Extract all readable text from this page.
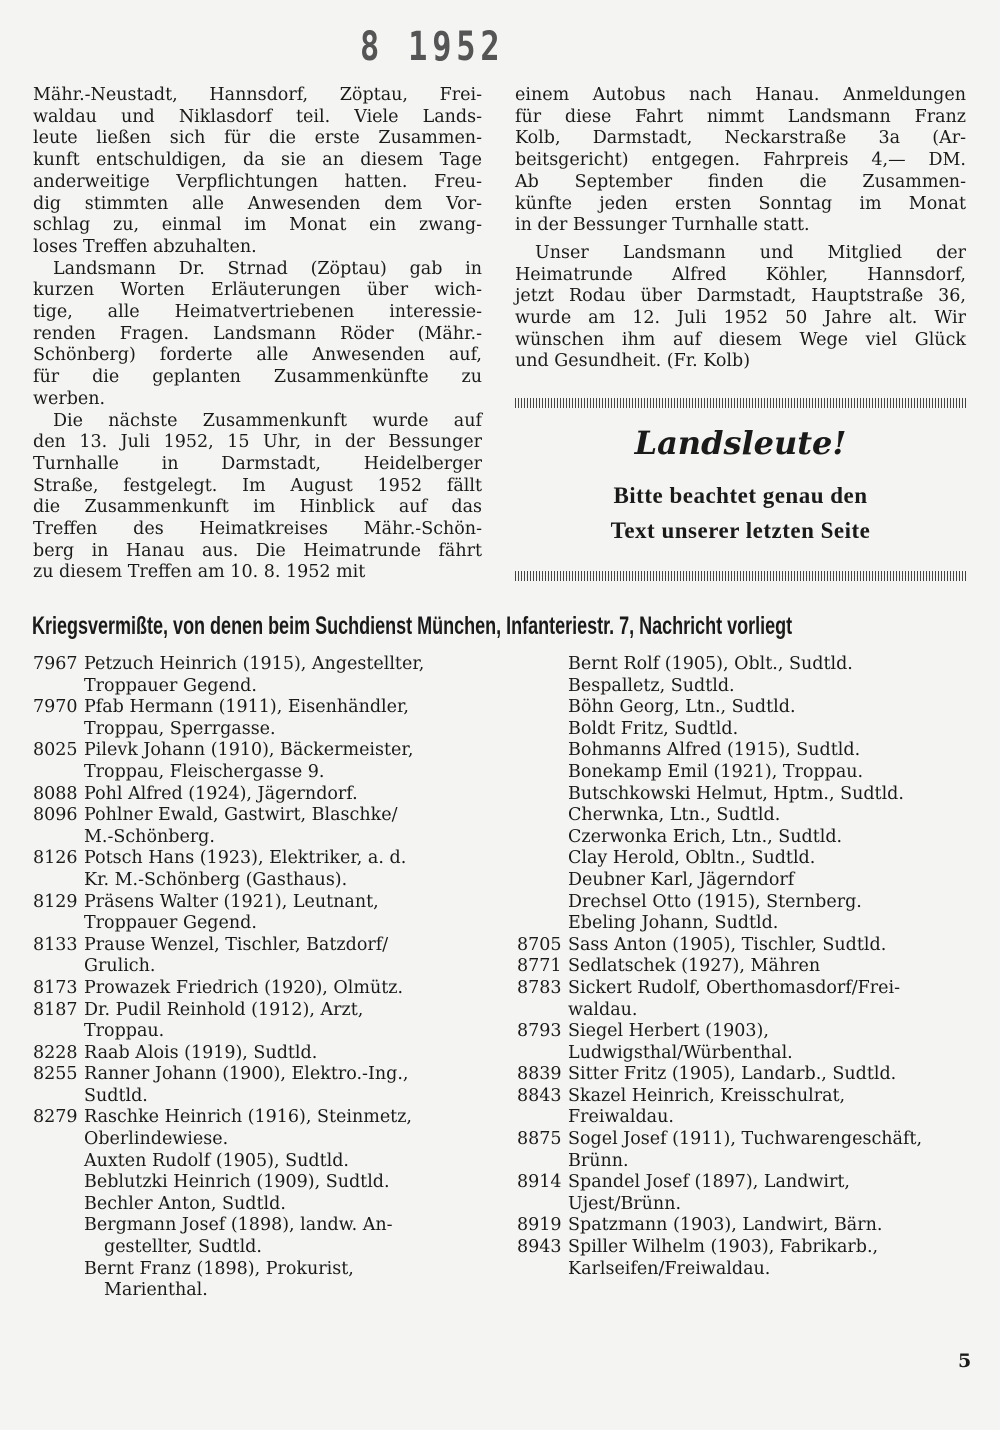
8 1952
Mähr.-Neustadt, Hannsdorf, Zöptau, Frei-
waldau und Niklasdorf teil. Viele Lands-
leute ließen sich für die erste Zusammen-
kunft entschuldigen, da sie an diesem Tage
anderweitige Verpflichtungen hatten. Freu-
dig stimmten alle Anwesenden dem Vor-
schlag zu, einmal im Monat ein zwang-
loses Treffen abzuhalten.
Landsmann Dr. Strnad (Zöptau) gab in
kurzen Worten Erläuterungen über wich-
tige, alle Heimatvertriebenen interessie-
renden Fragen. Landsmann Röder (Mähr.-
Schönberg) forderte alle Anwesenden auf,
für die geplanten Zusammenkünfte zu
werben.
Die nächste Zusammenkunft wurde auf
den 13. Juli 1952, 15 Uhr, in der Bessunger
Turnhalle in Darmstadt, Heidelberger
Straße, festgelegt. Im August 1952 fällt
die Zusammenkunft im Hinblick auf das
Treffen des Heimatkreises Mähr.-Schön-
berg in Hanau aus. Die Heimatrunde fährt
zu diesem Treffen am 10. 8. 1952 mit
einem Autobus nach Hanau. Anmeldungen
für diese Fahrt nimmt Landsmann Franz
Kolb, Darmstadt, Neckarstraße 3a (Ar-
beitsgericht) entgegen. Fahrpreis 4,— DM.
Ab September finden die Zusammen-
künfte jeden ersten Sonntag im Monat
in der Bessunger Turnhalle statt.
Unser Landsmann und Mitglied der
Heimatrunde Alfred Köhler, Hannsdorf,
jetzt Rodau über Darmstadt, Hauptstraße 36,
wurde am 12. Juli 1952 50 Jahre alt. Wir
wünschen ihm auf diesem Wege viel Glück
und Gesundheit. (Fr. Kolb)
Landsleute!
Bitte beachtet genau den
Text unserer letzten Seite
Kriegsvermißte, von denen beim Suchdienst München, Infanteriestr. 7, Nachricht vorliegt
7967 Petzuch Heinrich (1915), Angestellter,
Troppauer Gegend.
7970 Pfab Hermann (1911), Eisenhändler,
Troppau, Sperrgasse.
8025 Pilevk Johann (1910), Bäckermeister,
Troppau, Fleischergasse 9.
8088 Pohl Alfred (1924), Jägerndorf.
8096 Pohlner Ewald, Gastwirt, Blaschke/
M.-Schönberg.
8126 Potsch Hans (1923), Elektriker, a. d.
Kr. M.-Schönberg (Gasthaus).
8129 Präsens Walter (1921), Leutnant,
Troppauer Gegend.
8133 Prause Wenzel, Tischler, Batzdorf/
Grulich.
8173 Prowazek Friedrich (1920), Olmütz.
8187 Dr. Pudil Reinhold (1912), Arzt,
Troppau.
8228 Raab Alois (1919), Sudtld.
8255 Ranner Johann (1900), Elektro.-Ing.,
Sudtld.
8279 Raschke Heinrich (1916), Steinmetz,
Oberlindewiese.
Auxten Rudolf (1905), Sudtld.
Beblutzki Heinrich (1909), Sudtld.
Bechler Anton, Sudtld.
Bergmann Josef (1898), landw. An-
gestellter, Sudtld.
Bernt Franz (1898), Prokurist,
Marienthal.
Bernt Rolf (1905), Oblt., Sudtld.
Bespalletz, Sudtld.
Böhn Georg, Ltn., Sudtld.
Boldt Fritz, Sudtld.
Bohmanns Alfred (1915), Sudtld.
Bonekamp Emil (1921), Troppau.
Butschkowski Helmut, Hptm., Sudtld.
Cherwnka, Ltn., Sudtld.
Czerwonka Erich, Ltn., Sudtld.
Clay Herold, Obltn., Sudtld.
Deubner Karl, Jägerndorf
Drechsel Otto (1915), Sternberg.
Ebeling Johann, Sudtld.
8705 Sass Anton (1905), Tischler, Sudtld.
8771 Sedlatschek (1927), Mähren
8783 Sickert Rudolf, Oberthomasdorf/Frei-
waldau.
8793 Siegel Herbert (1903),
Ludwigsthal/Würbenthal.
8839 Sitter Fritz (1905), Landarb., Sudtld.
8843 Skazel Heinrich, Kreisschulrat,
Freiwaldau.
8875 Sogel Josef (1911), Tuchwarengeschäft,
Brünn.
8914 Spandel Josef (1897), Landwirt,
Ujest/Brünn.
8919 Spatzmann (1903), Landwirt, Bärn.
8943 Spiller Wilhelm (1903), Fabrikarb.,
Karlseifen/Freiwaldau.
5
